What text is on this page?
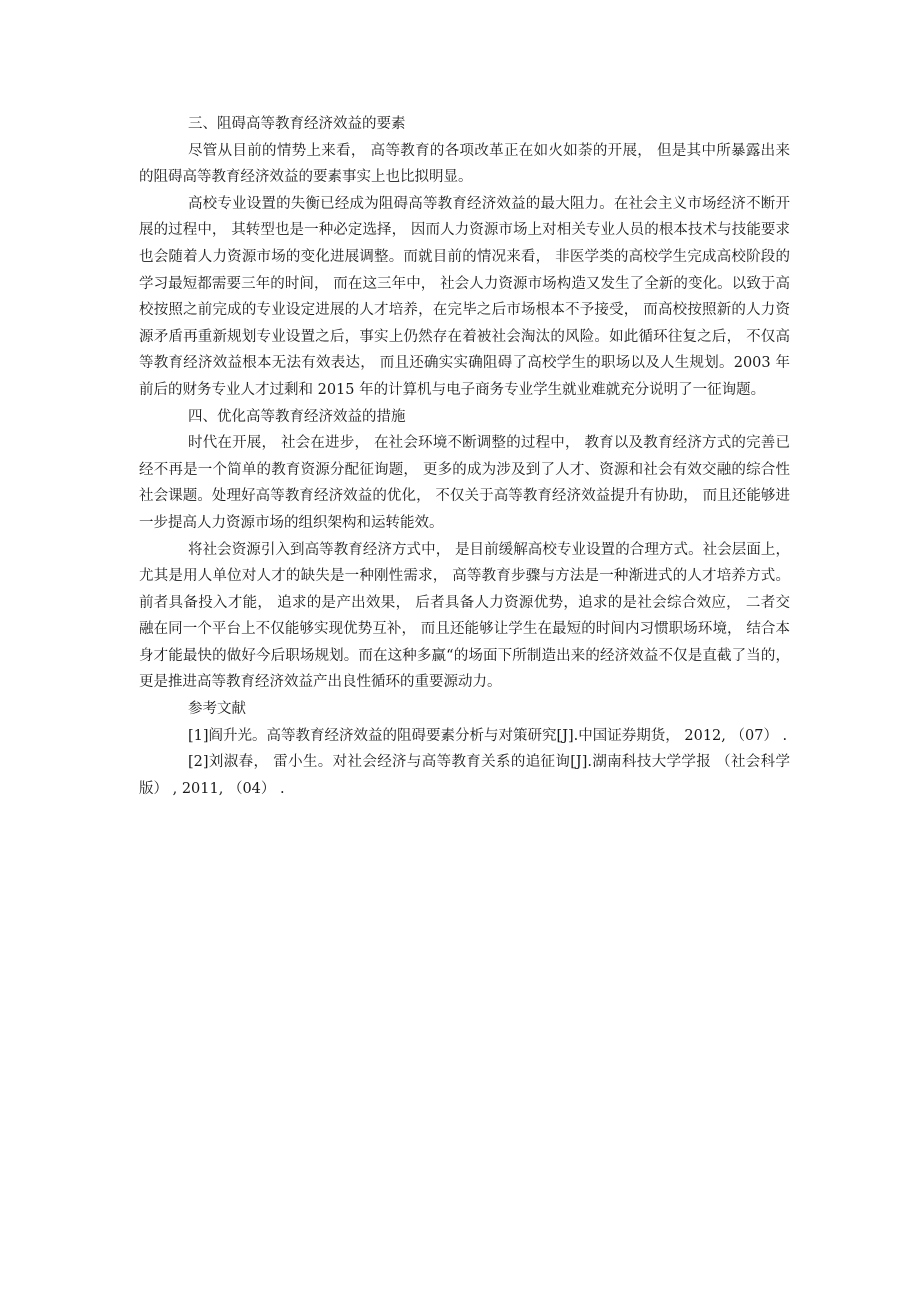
三、阻碍高等教育经济效益的要素

尽管从目前的情势上来看， 高等教育的各项改革正在如火如荼的开展， 但是其中所暴露出来的阻碍高等教育经济效益的要素事实上也比拟明显。

高校专业设置的失衡已经成为阻碍高等教育经济效益的最大阻力。在社会主义市场经济不断开展的过程中， 其转型也是一种必定选择， 因而人力资源市场上对相关专业人员的根本技术与技能要求也会随着人力资源市场的变化进展调整。而就目前的情况来看， 非医学类的高校学生完成高校阶段的学习最短都需要三年的时间， 而在这三年中， 社会人力资源市场构造又发生了全新的变化。以致于高校按照之前完成的专业设定进展的人才培养，在完毕之后市场根本不予接受， 而高校按照新的人力资源矛盾再重新规划专业设置之后，事实上仍然存在着被社会淘汰的风险。如此循环往复之后， 不仅高等教育经济效益根本无法有效表达， 而且还确实实确阻碍了高校学生的职场以及人生规划。2003 年前后的财务专业人才过剩和 2015 年的计算机与电子商务专业学生就业难就充分说明了一征询题。

四、优化高等教育经济效益的措施

时代在开展， 社会在进步， 在社会环境不断调整的过程中， 教育以及教育经济方式的完善已经不再是一个简单的教育资源分配征询题， 更多的成为涉及到了人才、资源和社会有效交融的综合性社会课题。处理好高等教育经济效益的优化， 不仅关于高等教育经济效益提升有协助， 而且还能够进一步提高人力资源市场的组织架构和运转能效。

将社会资源引入到高等教育经济方式中， 是目前缓解高校专业设置的合理方式。社会层面上， 尤其是用人单位对人才的缺失是一种刚性需求， 高等教育步骤与方法是一种渐进式的人才培养方式。前者具备投入才能， 追求的是产出效果， 后者具备人力资源优势，追求的是社会综合效应， 二者交融在同一个平台上不仅能够实现优势互补， 而且还能够让学生在最短的时间内习惯职场环境， 结合本身才能最快的做好今后职场规划。而在这种多赢“的场面下所制造出来的经济效益不仅是直截了当的， 更是推进高等教育经济效益产出良性循环的重要源动力。

参考文献

[1]阎升光。高等教育经济效益的阻碍要素分析与对策研究[J].中国证券期货， 2012, （07） .

[2]刘淑春， 雷小生。对社会经济与高等教育关系的追征询[J].湖南科技大学学报 （社会科学版） , 2011, （04） .
